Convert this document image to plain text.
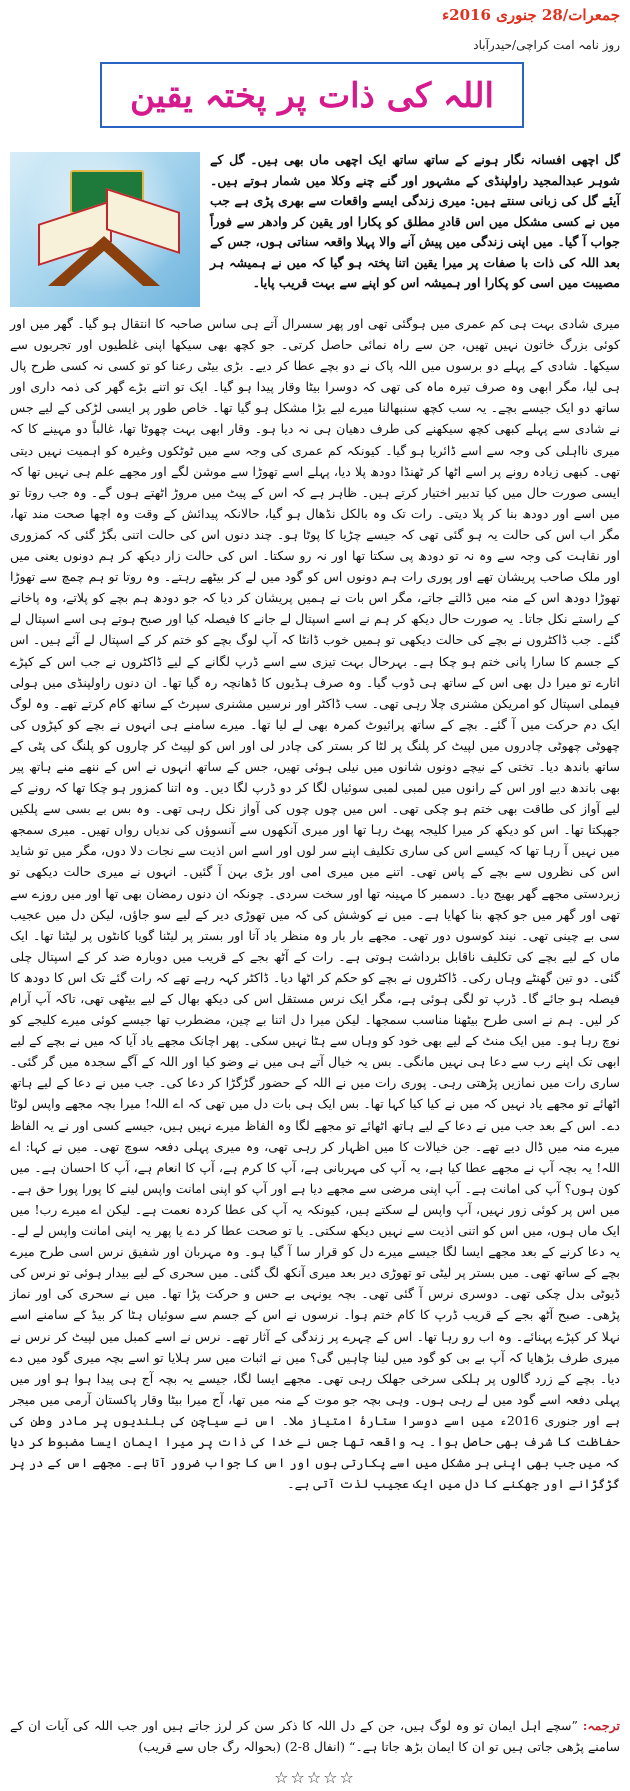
جمعرات/28 جنوری 2016ء
روز نامہ امت کراچی/حیدرآباد
اللہ کی ذات پر پختہ یقین

گل اچھی افسانہ نگار ہونے کے ساتھ ساتھ ایک اچھی ماں بھی ہیں۔ گل کے شوہر عبدالمجید راولپنڈی کے مشہور اور گنے چنے وکلا میں شمار ہوتے ہیں۔ آیئے گل کی زبانی سنتے ہیں: میری زندگی ایسے واقعات سے بھری پڑی ہے جب میں نے کسی مشکل میں اس قادرِ مطلق کو پکارا اور یقین کر وادھر سے فوراً جواب آ گیا۔ میں اپنی زندگی میں پیش آنے والا پہلا واقعہ سناتی ہوں، جس کے بعد اللہ کی ذات با صفات پر میرا یقین اتنا پختہ ہو گیا کہ میں نے ہمیشہ ہر مصیبت میں اسی کو پکارا اور ہمیشہ اس کو اپنے سے بہت قریب پایا۔

میری شادی بہت ہی کم عمری میں ہوگئی تھی اور پھر سسرال آتے ہی ساس صاحبہ کا انتقال ہو گیا۔ گھر میں اور کوئی بزرگ خاتون نہیں تھیں، جن سے راہ نمائی حاصل کرتی۔ جو کچھ بھی سیکھا اپنی غلطیوں اور تجربوں سے سیکھا۔ شادی کے پہلے دو برسوں میں اللہ پاک نے دو بچے عطا کر دیے۔ بڑی بیٹی رعنا کو تو کسی نہ کسی طرح پال ہی لیا، مگر ابھی وہ صرف تیرہ ماہ کی تھی کہ دوسرا بیٹا وقار پیدا ہو گیا۔ ایک تو اتنے بڑے گھر کی ذمہ داری اور ساتھ دو ایک جیسے بچے۔ یہ سب کچھ سنبھالنا میرے لیے بڑا مشکل ہو گیا تھا۔ خاص طور پر ایسی لڑکی کے لیے جس نے شادی سے پہلے کبھی کچھ سیکھنے کی طرف دھیان ہی نہ دیا ہو۔ وقار ابھی بہت چھوٹا تھا، غالباً دو مہینے کا کہ میری نااہلی کی وجہ سے اسے ڈائریا ہو گیا۔ کیونکہ کم عمری کی وجہ سے میں ٹوٹکوں وغیرہ کو اہمیت نہیں دیتی تھی۔ کبھی زیادہ رونے پر اسے اٹھا کر ٹھنڈا دودھ پلا دیا، پہلے اسے تھوڑا سے موشن لگے اور مجھے علم ہی نہیں تھا کہ ایسی صورت حال میں کیا تدبیر اختیار کرتے ہیں۔ ظاہر ہے کہ اس کے پیٹ میں مروڑ اٹھتے ہوں گے۔ وہ جب روتا تو میں اسے اور دودھ بنا کر پلا دیتی۔ رات تک وہ بالکل نڈھال ہو گیا، حالانکہ پیدائش کے وقت وہ اچھا صحت مند تھا، مگر اب اس کی حالت یہ ہو گئی تھی کہ جیسے چڑیا کا پوٹا ہو۔ چند دنوں اس کی حالت اتنی بگڑ گئی کہ کمزوری اور نقاہت کی وجہ سے وہ نہ تو دودھ پی سکتا تھا اور نہ رو سکتا۔ اس کی حالت زار دیکھ کر ہم دونوں یعنی میں اور ملک صاحب پریشان تھے اور پوری رات ہم دونوں اس کو گود میں لے کر بیٹھے رہتے۔ وہ روتا تو ہم چمچ سے تھوڑا تھوڑا دودھ اس کے منہ میں ڈالتے جاتے، مگر اس بات نے ہمیں پریشان کر دیا کہ جو دودھ ہم بچے کو پلاتے، وہ پاخانے کے راستے نکل جاتا۔ یہ صورت حال دیکھ کر ہم نے اسے اسپتال لے جانے کا فیصلہ کیا اور صبح ہوتے ہی اسے اسپتال لے گئے۔ جب ڈاکٹروں نے بچے کی حالت دیکھی تو ہمیں خوب ڈانٹا کہ آپ لوگ بچے کو ختم کر کے اسپتال لے آئے ہیں۔ اس کے جسم کا سارا پانی ختم ہو چکا ہے۔ بہرحال بہت تیزی سے اسے ڈرپ لگانے کے لیے ڈاکٹروں نے جب اس کے کپڑے اتارے تو میرا دل بھی اس کے ساتھ ہی ڈوب گیا۔ وہ صرف ہڈیوں کا ڈھانچہ رہ گیا تھا۔ ان دنوں راولپنڈی میں ہولی فیملی اسپتال کو امریکن مشنری چلا رہی تھی۔ سب ڈاکٹر اور نرسیں مشنری سپرٹ کے ساتھ کام کرتے تھے۔ وہ لوگ ایک دم حرکت میں آ گئے۔ بچے کے ساتھ پرائیوٹ کمرہ بھی لے لیا تھا۔ میرے سامنے ہی انہوں نے بچے کو کپڑوں کی چھوٹی چھوٹی چادروں میں لپیٹ کر پلنگ پر لٹا کر بستر کی چادر لی اور اس کو لپیٹ کر چاروں کو پلنگ کی پٹی کے ساتھ باندھ دیا۔ تختی کے نیچے دونوں شانوں میں نیلی ہوئی تھیں، جس کے ساتھ انہوں نے اس کے ننھے منے ہاتھ پیر بھی باندھ دیے اور اس کے رانوں میں لمبی لمبی سوئیاں لگا کر دو ڈرپ لگا دیں۔ وہ اتنا کمزور ہو چکا تھا کہ رونے کے لیے آواز کی طاقت بھی ختم ہو چکی تھی۔ اس میں چوں چوں کی آواز نکل رہی تھی۔ وہ بس بے بسی سے پلکیں جھپکتا تھا۔ اس کو دیکھ کر میرا کلیجہ پھٹ رہا تھا اور میری آنکھوں سے آنسوؤں کی ندیاں رواں تھیں۔ میری سمجھ میں نہیں آ رہا تھا کہ کیسے اس کی ساری تکلیف اپنے سر لوں اور اسے اس اذیت سے نجات دلا دوں، مگر میں تو شاید اس کی نظروں سے بچے کے پاس تھی۔ اتنے میں میری امی اور بڑی بہن آ گئیں۔ انہوں نے میری حالت دیکھی تو زبردستی مجھے گھر بھیج دیا۔ دسمبر کا مہینہ تھا اور سخت سردی۔ چونکہ ان دنوں رمضان بھی تھا اور میں روزے سے تھی اور گھر میں جو کچھ بنا کھایا ہے۔ میں نے کوشش کی کہ میں تھوڑی دیر کے لیے سو جاؤں، لیکن دل میں عجیب سی بے چینی تھی۔ نیند کوسوں دور تھی۔ مجھے بار بار وہ منظر یاد آتا اور بستر پر لیٹنا گویا کانٹوں پر لیٹنا تھا۔ ایک ماں کے لیے بچے کی تکلیف ناقابل برداشت ہوتی ہے۔ رات کے آٹھ بجے کے قریب میں دوبارہ ضد کر کے اسپتال چلی گئی۔ دو تین گھنٹے وہاں رکی۔ ڈاکٹروں نے بچے کو حکم کر اٹھا دیا۔ ڈاکٹر کہہ رہے تھے کہ رات گئے تک اس کا دودھ کا فیصلہ ہو جائے گا۔ ڈرپ تو لگی ہوئی ہے، مگر ایک نرس مستقل اس کی دیکھ بھال کے لیے بیٹھی تھی، تاکہ آپ آرام کر لیں۔ ہم نے اسی طرح بیٹھنا مناسب سمجھا۔ لیکن میرا دل اتنا بے چین، مضطرب تھا جیسے کوئی میرے کلیجے کو نوچ رہا ہو۔ میں ایک منٹ کے لیے بھی خود کو وہاں سے ہٹا نہیں سکی۔ پھر اچانک مجھے یاد آیا کہ میں نے بچے کے لیے ابھی تک اپنے رب سے دعا ہی نہیں مانگی۔ بس یہ خیال آتے ہی میں نے وضو کیا اور اللہ کے آگے سجدہ میں گر گئی۔ ساری رات میں نمازیں پڑھتی رہی۔ پوری رات میں نے اللہ کے حضور گڑگڑا کر دعا کی۔ جب میں نے دعا کے لیے ہاتھ اٹھائے تو مجھے یاد نہیں کہ میں نے کیا کیا کہا تھا۔ بس ایک ہی بات دل میں تھی کہ اے اللہ! میرا بچہ مجھے واپس لوٹا دے۔ اس کے بعد جب میں نے دعا کے لیے ہاتھ اٹھائے تو مجھے لگا وہ الفاظ میرے نہیں ہیں، جیسے کسی اور نے یہ الفاظ میرے منہ میں ڈال دیے تھے۔ جن خیالات کا میں اظہار کر رہی تھی، وہ میری پہلی دفعہ سوچ تھی۔ میں نے کہا: اے اللہ! یہ بچہ آپ نے مجھے عطا کیا ہے، یہ آپ کی مہربانی ہے، آپ کا کرم ہے، آپ کا انعام ہے، آپ کا احسان ہے۔ میں کون ہوں؟ آپ کی امانت ہے۔ آپ اپنی مرضی سے مجھے دیا ہے اور آپ کو اپنی امانت واپس لینے کا پورا پورا حق ہے۔ میں اس پر کوئی زور نہیں، آپ واپس لے سکتے ہیں، کیونکہ یہ آپ کی عطا کردہ نعمت ہے۔ لیکن اے میرے رب! میں ایک ماں ہوں، میں اس کو اتنی اذیت سے نہیں دیکھ سکتی۔ یا تو صحت عطا کر دے یا پھر یہ اپنی امانت واپس لے لے۔ یہ دعا کرنے کے بعد مجھے ایسا لگا جیسے میرے دل کو قرار سا آ گیا ہو۔ وہ مہربان اور شفیق نرس اسی طرح میرے بچے کے ساتھ تھی۔ میں بستر پر لیٹی تو تھوڑی دیر بعد میری آنکھ لگ گئی۔ میں سحری کے لیے بیدار ہوئی تو نرس کی ڈیوٹی بدل چکی تھی۔ دوسری نرس آ گئی تھی۔ بچہ یونہی بے حس و حرکت پڑا تھا۔ میں نے سحری کی اور نماز پڑھی۔ صبح آٹھ بجے کے قریب ڈرپ کا کام ختم ہوا۔ نرسوں نے اس کے جسم سے سوئیاں ہٹا کر بیڈ کے سامنے اسے نہلا کر کپڑے پہنائے۔ وہ اب رو رہا تھا۔ اس کے چہرے پر زندگی کے آثار تھے۔ نرس نے اسے کمبل میں لپیٹ کر نرس نے میری طرف بڑھایا کہ آپ بے بی کو گود میں لینا چاہیں گی؟ میں نے اثبات میں سر ہلایا تو اسے بچہ میری گود میں دے دیا۔ بچے کے زرد گالوں پر ہلکی سرخی جھلک رہی تھی۔ مجھے ایسا لگا، جیسے یہ بچہ آج ہی پیدا ہوا ہو اور میں پہلی دفعہ اسے گود میں لے رہی ہوں۔ وہی بچہ جو موت کے منہ میں تھا، آج میرا بیٹا وقار پاکستان آرمی میں میجر ہے اور جنوری 2016ء میں اسے دوسرا ستارۂ امتیاز ملا۔ اس نے سیاچن کی بلندیوں پر مادر وطن کی حفاظت کا شرف بھی حاصل ہوا۔ یہ واقعہ تھا جس نے خدا کی ذات پر میرا ایمان ایسا مضبوط کر دیا کہ میں جب بھی اپنی ہر مشکل میں اسے پکارتی ہوں اور اس کا جواب ضرور آتا ہے۔ مجھے اس کے در پر گڑگڑانے اور جھکنے کا دل میں ایک عجیب لذت آتی ہے۔

ترجمہ: ”سچے اہل ایمان تو وہ لوگ ہیں، جن کے دل اللہ کا ذکر سن کر لرز جاتے ہیں اور جب اللہ کی آیات ان کے سامنے پڑھی جاتی ہیں تو ان کا ایمان بڑھ جاتا ہے۔“ (انفال 8-2) (بحوالہ رگ جاں سے قریب)
☆☆☆☆☆
